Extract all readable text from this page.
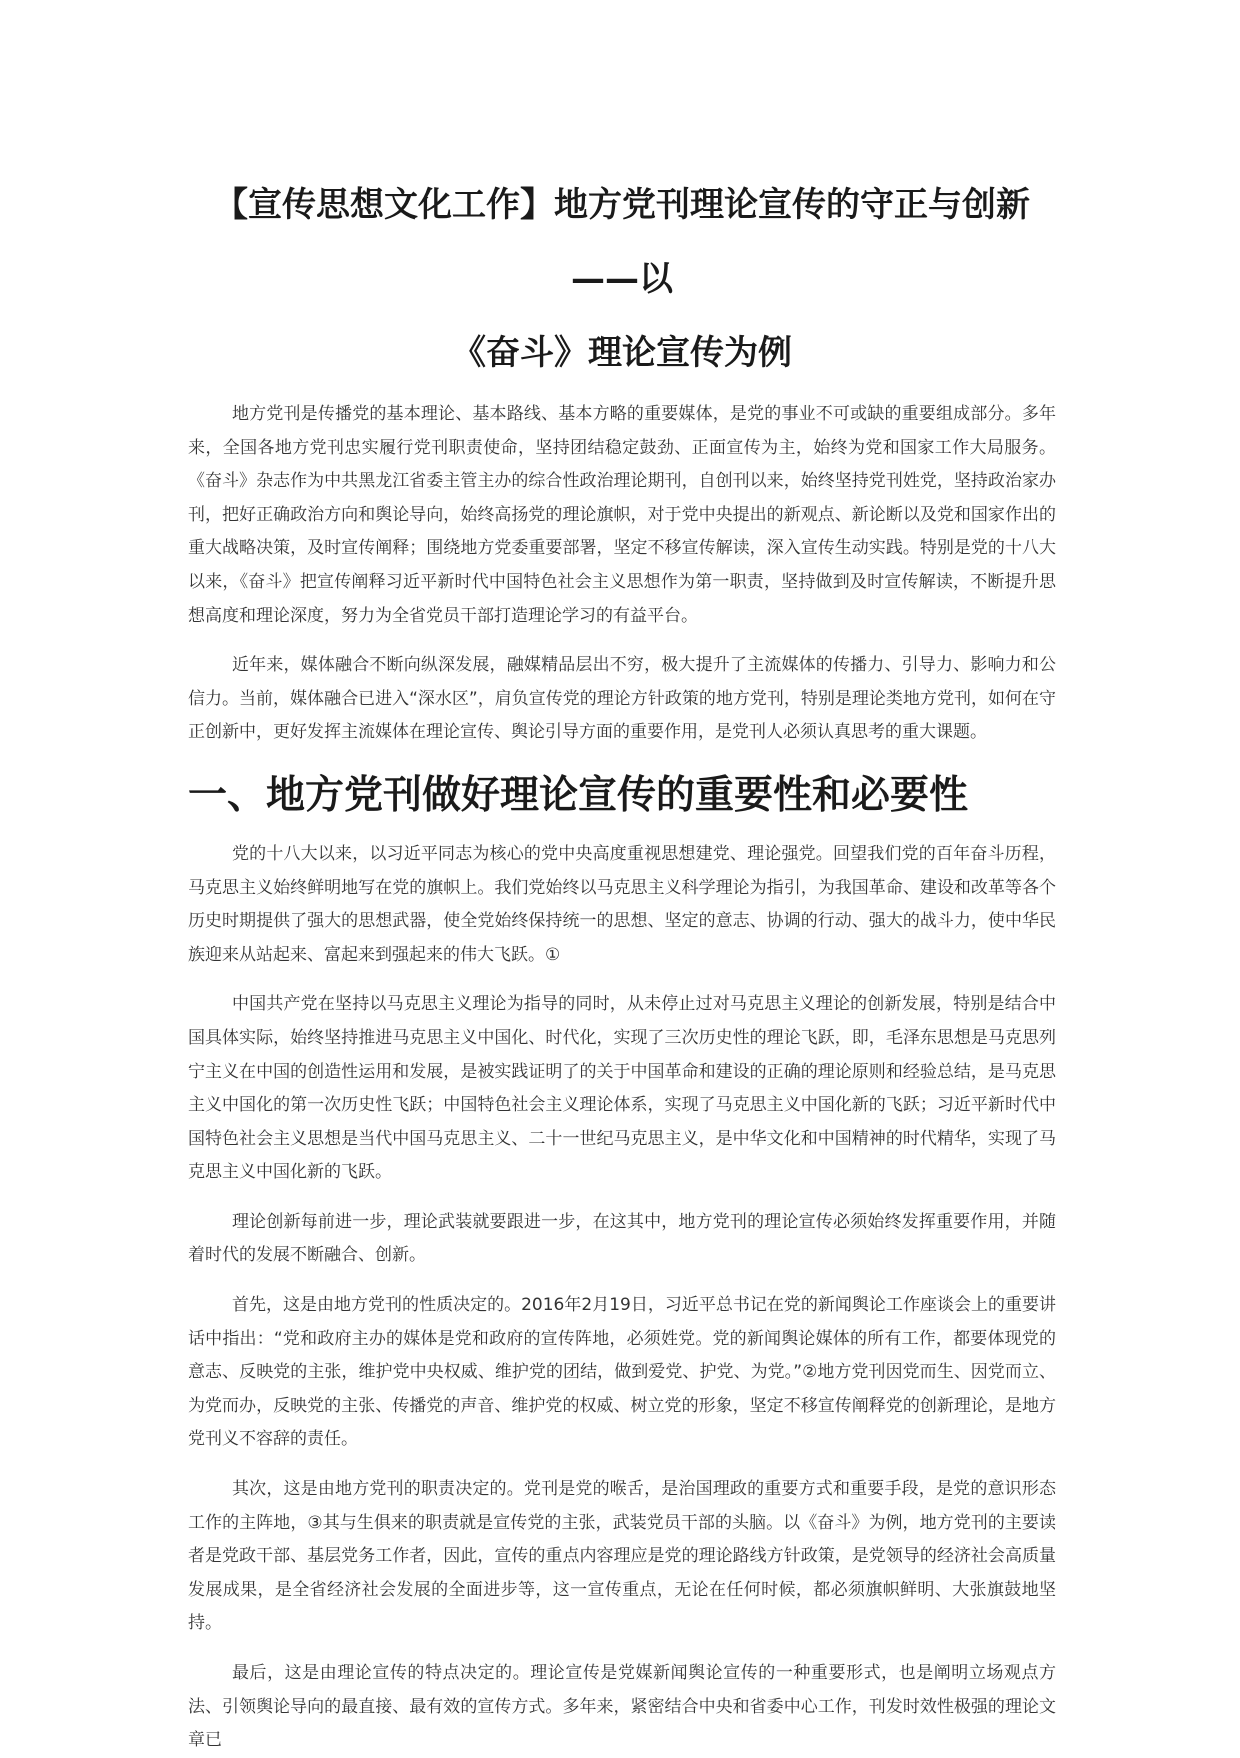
【宣传思想文化工作】地方党刊理论宣传的守正与创新——以
《奋斗》理论宣传为例

地方党刊是传播党的基本理论、基本路线、基本方略的重要媒体，是党的事业不可或缺的重要组成部分。多年来，全国各地方党刊忠实履行党刊职责使命，坚持团结稳定鼓劲、正面宣传为主，始终为党和国家工作大局服务。《奋斗》杂志作为中共黑龙江省委主管主办的综合性政治理论期刊，自创刊以来，始终坚持党刊姓党，坚持政治家办刊，把好正确政治方向和舆论导向，始终高扬党的理论旗帜，对于党中央提出的新观点、新论断以及党和国家作出的重大战略决策，及时宣传阐释；围绕地方党委重要部署，坚定不移宣传解读，深入宣传生动实践。特别是党的十八大以来，《奋斗》把宣传阐释习近平新时代中国特色社会主义思想作为第一职责，坚持做到及时宣传解读，不断提升思想高度和理论深度，努力为全省党员干部打造理论学习的有益平台。

近年来，媒体融合不断向纵深发展，融媒精品层出不穷，极大提升了主流媒体的传播力、引导力、影响力和公信力。当前，媒体融合已进入“深水区”，肩负宣传党的理论方针政策的地方党刊，特别是理论类地方党刊，如何在守正创新中，更好发挥主流媒体在理论宣传、舆论引导方面的重要作用，是党刊人必须认真思考的重大课题。

一、地方党刊做好理论宣传的重要性和必要性

党的十八大以来，以习近平同志为核心的党中央高度重视思想建党、理论强党。回望我们党的百年奋斗历程，马克思主义始终鲜明地写在党的旗帜上。我们党始终以马克思主义科学理论为指引，为我国革命、建设和改革等各个历史时期提供了强大的思想武器，使全党始终保持统一的思想、坚定的意志、协调的行动、强大的战斗力，使中华民族迎来从站起来、富起来到强起来的伟大飞跃。①

中国共产党在坚持以马克思主义理论为指导的同时，从未停止过对马克思主义理论的创新发展，特别是结合中国具体实际，始终坚持推进马克思主义中国化、时代化，实现了三次历史性的理论飞跃，即，毛泽东思想是马克思列宁主义在中国的创造性运用和发展，是被实践证明了的关于中国革命和建设的正确的理论原则和经验总结，是马克思主义中国化的第一次历史性飞跃；中国特色社会主义理论体系，实现了马克思主义中国化新的飞跃；习近平新时代中国特色社会主义思想是当代中国马克思主义、二十一世纪马克思主义，是中华文化和中国精神的时代精华，实现了马克思主义中国化新的飞跃。

理论创新每前进一步，理论武装就要跟进一步，在这其中，地方党刊的理论宣传必须始终发挥重要作用，并随着时代的发展不断融合、创新。

首先，这是由地方党刊的性质决定的。2016年2月19日，习近平总书记在党的新闻舆论工作座谈会上的重要讲话中指出：“党和政府主办的媒体是党和政府的宣传阵地，必须姓党。党的新闻舆论媒体的所有工作，都要体现党的意志、反映党的主张，维护党中央权威、维护党的团结，做到爱党、护党、为党。”②地方党刊因党而生、因党而立、为党而办，反映党的主张、传播党的声音、维护党的权威、树立党的形象，坚定不移宣传阐释党的创新理论，是地方党刊义不容辞的责任。

其次，这是由地方党刊的职责决定的。党刊是党的喉舌，是治国理政的重要方式和重要手段，是党的意识形态工作的主阵地，③其与生俱来的职责就是宣传党的主张，武装党员干部的头脑。以《奋斗》为例，地方党刊的主要读者是党政干部、基层党务工作者，因此，宣传的重点内容理应是党的理论路线方针政策，是党领导的经济社会高质量发展成果，是全省经济社会发展的全面进步等，这一宣传重点，无论在任何时候，都必须旗帜鲜明、大张旗鼓地坚持。

最后，这是由理论宣传的特点决定的。理论宣传是党媒新闻舆论宣传的一种重要形式，也是阐明立场观点方法、引领舆论导向的最直接、最有效的宣传方式。多年来，紧密结合中央和省委中心工作，刊发时效性极强的理论文章已
